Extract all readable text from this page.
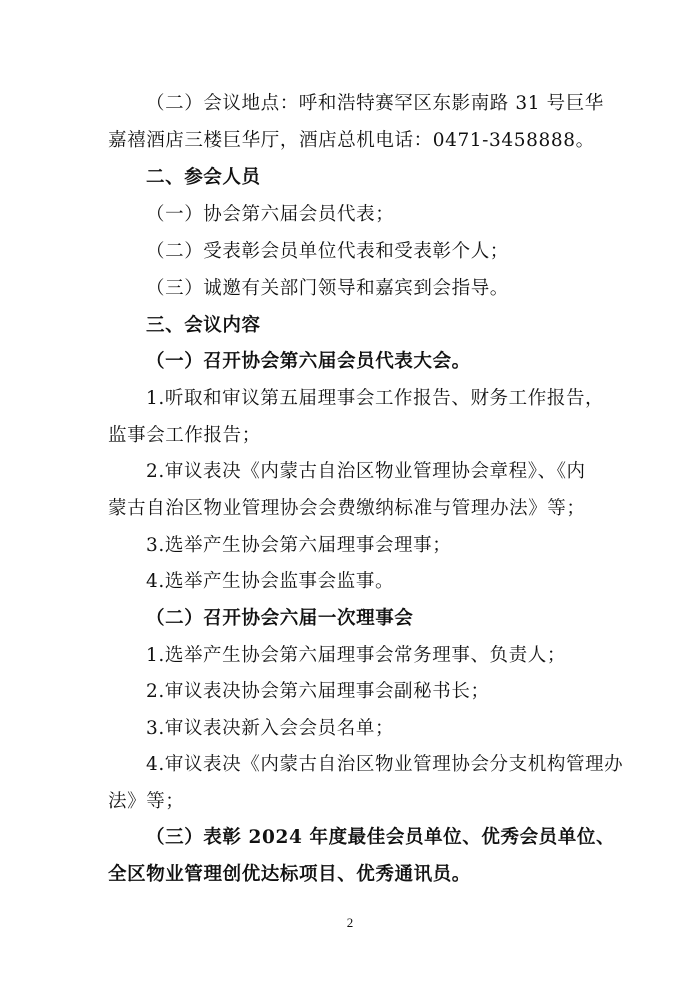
（二）会议地点：呼和浩特赛罕区东影南路 31 号巨华
嘉禧酒店三楼巨华厅，酒店总机电话：0471-3458888。
二、参会人员
（一）协会第六届会员代表；
（二）受表彰会员单位代表和受表彰个人；
（三）诚邀有关部门领导和嘉宾到会指导。
三、会议内容
（一）召开协会第六届会员代表大会。
1.听取和审议第五届理事会工作报告、财务工作报告，
监事会工作报告；
2.审议表决《内蒙古自治区物业管理协会章程》、《内
蒙古自治区物业管理协会会费缴纳标准与管理办法》等；
3.选举产生协会第六届理事会理事；
4.选举产生协会监事会监事。
（二）召开协会六届一次理事会
1.选举产生协会第六届理事会常务理事、负责人；
2.审议表决协会第六届理事会副秘书长；
3.审议表决新入会会员名单；
4.审议表决《内蒙古自治区物业管理协会分支机构管理办
法》等；
（三）表彰 2024 年度最佳会员单位、优秀会员单位、
全区物业管理创优达标项目、优秀通讯员。
2
